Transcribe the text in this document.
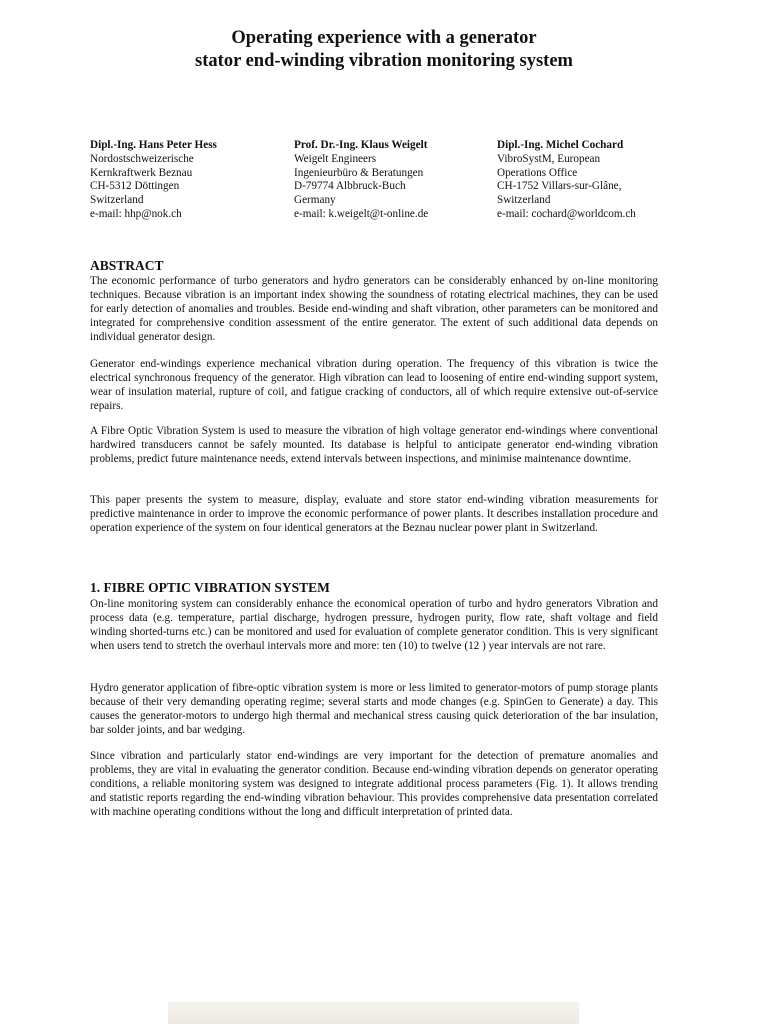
Operating experience with a generator
stator end-winding vibration monitoring system
Dipl.-Ing. Hans Peter Hess
Nordostschweizerische
Kernkraftwerk Beznau
CH-5312 Döttingen
Switzerland
e-mail: hhp@nok.ch
Prof. Dr.-Ing. Klaus Weigelt
Weigelt Engineers
Ingenieurbüro & Beratungen
D-79774 Albbruck-Buch
Germany
e-mail: k.weigelt@t-online.de
Dipl.-Ing. Michel Cochard
VibroSystM, European
Operations Office
CH-1752 Villars-sur-Glâne,
Switzerland
e-mail: cochard@worldcom.ch
ABSTRACT
The economic performance of turbo generators and hydro generators can be considerably enhanced by on-line monitoring techniques. Because vibration is an important index showing the soundness of rotating electrical machines, they can be used for early detection of anomalies and troubles. Beside end-winding and shaft vibration, other parameters can be monitored and integrated for comprehensive condition assessment of the entire generator. The extent of such additional data depends on individual generator design.
Generator end-windings experience mechanical vibration during operation. The frequency of this vibration is twice the electrical synchronous frequency of the generator. High vibration can lead to loosening of entire end-winding support system, wear of insulation material, rupture of coil, and fatigue cracking of conductors, all of which require extensive out-of-service repairs.
A Fibre Optic Vibration System is used to measure the vibration of high voltage generator end-windings where conventional hardwired transducers cannot be safely mounted. Its database is helpful to anticipate generator end-winding vibration problems, predict future maintenance needs, extend intervals between inspections, and minimise maintenance downtime.
This paper presents the system to measure, display, evaluate and store stator end-winding vibration measurements for predictive maintenance in order to improve the economic performance of power plants. It describes installation procedure and operation experience of the system on four identical generators at the Beznau nuclear power plant in Switzerland.
1. FIBRE OPTIC VIBRATION SYSTEM
On-line monitoring system can considerably enhance the economical operation of turbo and hydro generators Vibration and process data (e.g. temperature, partial discharge, hydrogen pressure, hydrogen purity, flow rate, shaft voltage and field winding shorted-turns etc.) can be monitored and used for evaluation of complete generator condition. This is very significant when users tend to stretch the overhaul intervals more and more: ten (10) to twelve (12 ) year intervals are not rare.
Hydro generator application of fibre-optic vibration system is more or less limited to generator-motors of pump storage plants because of their very demanding operating regime; several starts and mode changes (e.g. SpinGen to Generate) a day. This causes the generator-motors to undergo high thermal and mechanical stress causing quick deterioration of the bar insulation, bar solder joints, and bar wedging.
Since vibration and particularly stator end-windings are very important for the detection of premature anomalies and problems, they are vital in evaluating the generator condition. Because end-winding vibration depends on generator operating conditions, a reliable monitoring system was designed to integrate additional process parameters (Fig. 1). It allows trending and statistic reports regarding the end-winding vibration behaviour. This provides comprehensive data presentation correlated with machine operating conditions without the long and difficult interpretation of printed data.
